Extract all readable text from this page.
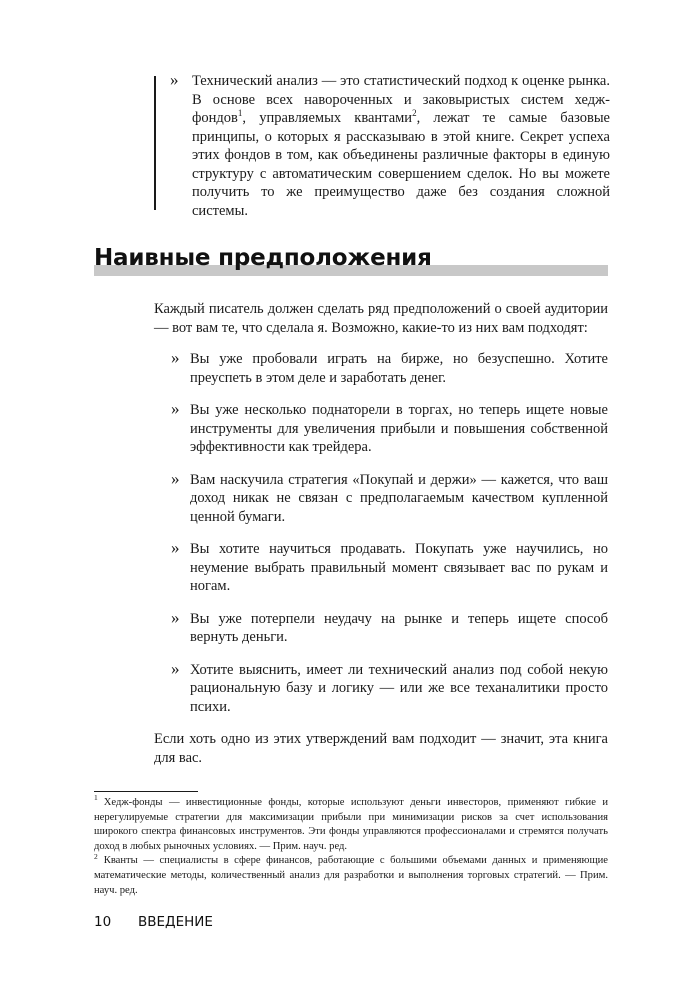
» Технический анализ — это статистический подход к оценке рынка. В основе всех навороченных и заковыристых систем хедж-фондов$^1$, управляемых квантами$^2$, лежат те самые базовые принципы, о которых я рассказываю в этой книге. Секрет успеха этих фондов в том, как объединены различные факторы в единую структуру с автоматическим совершением сделок. Но вы можете получить то же преимущество даже без создания сложной системы.
Наивные предположения

Каждый писатель должен сделать ряд предположений о своей аудитории — вот вам те, что сделала я. Возможно, какие-то из них вам подходят:

» Вы уже пробовали играть на бирже, но безуспешно. Хотите преуспеть в этом деле и заработать денег.
» Вы уже несколько поднаторели в торгах, но теперь ищете новые инструменты для увеличения прибыли и повышения собственной эффективности как трейдера.
» Вам наскучила стратегия «Покупай и держи» — кажется, что ваш доход никак не связан с предполагаемым качеством купленной ценной бумаги.
» Вы хотите научиться продавать. Покупать уже научились, но неумение выбрать правильный момент связывает вас по рукам и ногам.
» Вы уже потерпели неудачу на рынке и теперь ищете способ вернуть деньги.
» Хотите выяснить, имеет ли технический анализ под собой некую рациональную базу и логику — или же все теханалитики просто психи.

Если хоть одно из этих утверждений вам подходит — значит, эта книга для вас.

$^1$ Хедж-фонды — инвестиционные фонды, которые используют деньги инвесторов, применяют гибкие и нерегулируемые стратегии для максимизации прибыли при минимизации рисков за счет использования широкого спектра финансовых инструментов. Эти фонды управляются профессионалами и стремятся получать доход в любых рыночных условиях. — Прим. науч. ред.

$^2$ Кванты — специалисты в сфере финансов, работающие с большими объемами данных и применяющие математические методы, количественный анализ для разработки и выполнения торговых стратегий. — Прим. науч. ред.

10 ВВЕДЕНИЕ
